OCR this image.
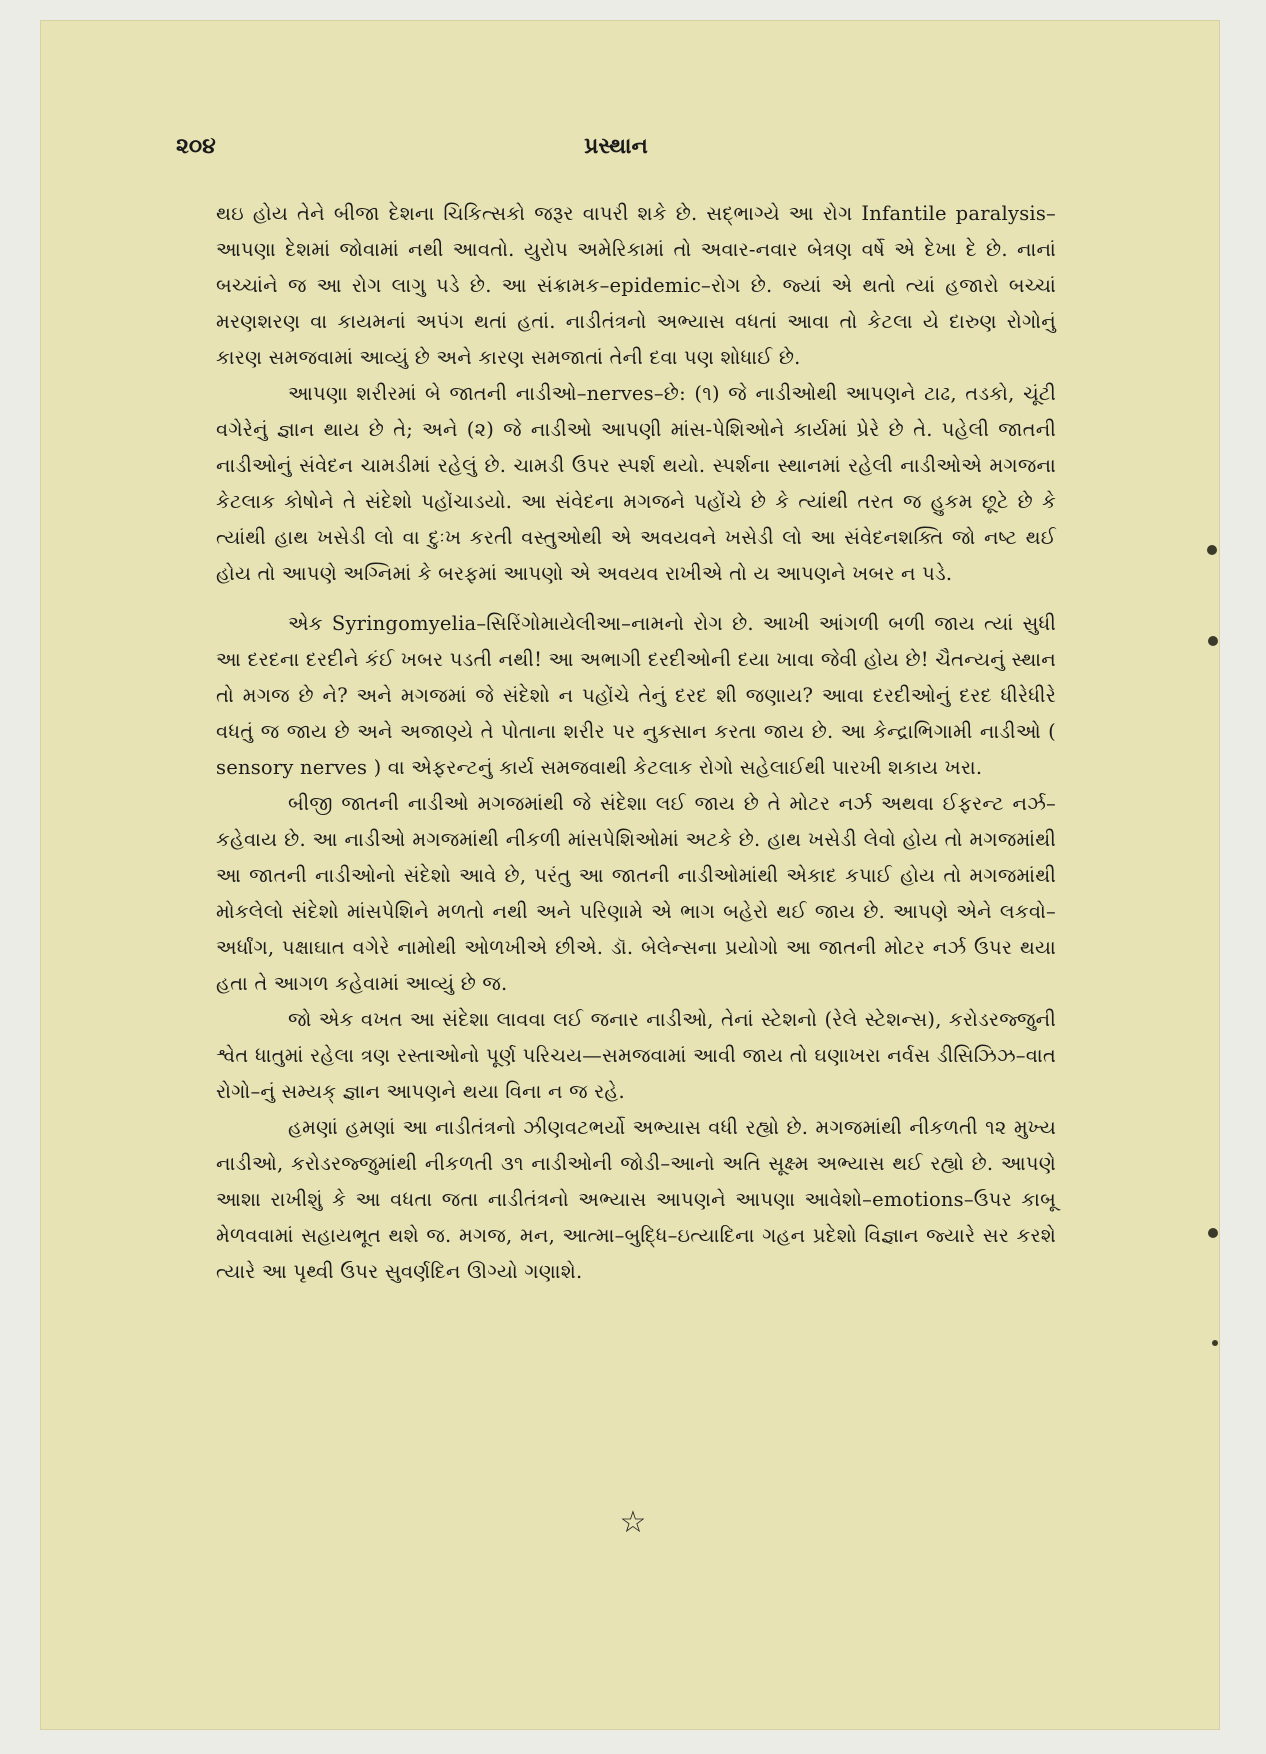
૨૦૪	પ્રસ્થાન

થઇ હોય તેને બીજા દેશના ચિકિત્સકો જરૂર વાપરી શકે છે. સદ્ભાગ્યે આ રોગ Infantile paralysis–આપણા દેશમાં જોવામાં નથી આવતો. યુરોપ અમેરિકામાં તો અવાર-નવાર બેત્રણ વર્ષે એ દેખા દે છે. નાનાં બચ્ચાંને જ આ રોગ લાગુ પડે છે. આ સંક્રામક–epidemic–રોગ છે. જ્યાં એ થતો ત્યાં હજારો બચ્ચાં મરણશરણ વા કાયમનાં અપંગ થતાં હતાં. નાડીતંત્રનો અભ્યાસ વધતાં આવા તો કેટલા યે દારુણ રોગોનું કારણ સમજવામાં આવ્યું છે અને કારણ સમજાતાં તેની દવા પણ શોધાઈ છે.

આપણા શરીરમાં બે જાતની નાડીઓ–nerves–છે: (૧) જે નાડીઓથી આપણને ટાઢ, તડકો, ચૂંટી વગેરેનું જ્ઞાન થાય છે તે; અને (૨) જે નાડીઓ આપણી માંસ-પેશિઓને કાર્યમાં પ્રેરે છે તે. પહેલી જાતની નાડીઓનું સંવેદન ચામડીમાં રહેલું છે. ચામડી ઉપર સ્પર્શ થયો. સ્પર્શના સ્થાનમાં રહેલી નાડીઓએ મગજના કેટલાક કોષોને તે સંદેશો પહોંચાડયો. આ સંવેદના મગજને પહોંચે છે કે ત્યાંથી તરત જ હુકમ છૂટે છે કે ત્યાંથી હાથ ખસેડી લો વા દુઃખ કરતી વસ્તુઓથી એ અવયવને ખસેડી લો આ સંવેદનશક્તિ જો નષ્ટ થઈ હોય તો આપણે અગ્નિમાં કે બરફમાં આપણો એ અવયવ રાખીએ તો ય આપણને ખબર ન પડે.

એક Syringomyelia–સિરિંગોમાયેલીઆ–નામનો રોગ છે. આખી આંગળી બળી જાય ત્યાં સુધી આ દરદના દરદીને કંઈ ખબર પડતી નથી! આ અભાગી દરદીઓની દયા ખાવા જેવી હોય છે! ચૈતન્યનું સ્થાન તો મગજ છે ને? અને મગજમાં જે સંદેશો ન પહોંચે તેનું દરદ શી જણાય? આવા દરદીઓનું દરદ ધીરેધીરે વધતું જ જાય છે અને અજાણ્યે તે પોતાના શરીર પર નુકસાન કરતા જાય છે. આ કેન્દ્રાભિગામી નાડીઓ ( sensory nerves ) વા એફરન્ટનું કાર્ય સમજવાથી કેટલાક રોગો સહેલાઈથી પારખી શકાય ખરા.

બીજી જાતની નાડીઓ મગજમાંથી જે સંદેશા લઈ જાય છે તે મોટર નર્ઝ અથવા ઈફરન્ટ નર્ઝ–કહેવાય છે. આ નાડીઓ મગજમાંથી નીકળી માંસપેશિઓમાં અટકે છે. હાથ ખસેડી લેવો હોય તો મગજમાંથી આ જાતની નાડીઓનો સંદેશો આવે છે, પરંતુ આ જાતની નાડીઓમાંથી એકાદ કપાઈ હોય તો મગજમાંથી મોકલેલો સંદેશો માંસપેશિને મળતો નથી અને પરિણામે એ ભાગ બહેરો થઈ જાય છે. આપણે એને લકવો–અર્ધાંગ, પક્ષાઘાત વગેરે નામોથી ઓળખીએ છીએ. ડૉ. બેલેન્સના પ્રયોગો આ જાતની મોટર નર્ઝ ઉપર થયા હતા તે આગળ કહેવામાં આવ્યું છે જ.

જો એક વખત આ સંદેશા લાવવા લઈ જનાર નાડીઓ, તેનાં સ્ટેશનો (રેલે સ્ટેશન્સ), કરોડરજ્જુની શ્વેત ધાતુમાં રહેલા ત્રણ રસ્તાઓનો પૂર્ણ પરિચય—સમજવામાં આવી જાય તો ઘણાખરા નર્વસ ડીસિઝિઝ–વાત રોગો–નું સમ્યક્ જ્ઞાન આપણને થયા વિના ન જ રહે.

હમણાં હમણાં આ નાડીતંત્રનો ઝીણવટભર્યો અભ્યાસ વધી રહ્યો છે. મગજમાંથી નીકળતી ૧૨ મુખ્ય નાડીઓ, કરોડરજ્જુમાંથી નીકળતી ૩૧ નાડીઓની જોડી–આનો અતિ સૂક્ષ્મ અભ્યાસ થઈ રહ્યો છે. આપણે આશા રાખીશું કે આ વધતા જતા નાડીતંત્રનો અભ્યાસ આપણને આપણા આવેશો–emotions–ઉપર કાબૂ મેળવવામાં સહાયભૂત થશે જ. મગજ, મન, આત્મા–બુદ્ધિ–ઇત્યાદિના ગહન પ્રદેશો વિજ્ઞાન જ્યારે સર કરશે ત્યારે આ પૃથ્વી ઉપર સુવર્ણદિન ઊગ્યો ગણાશે.

☆
